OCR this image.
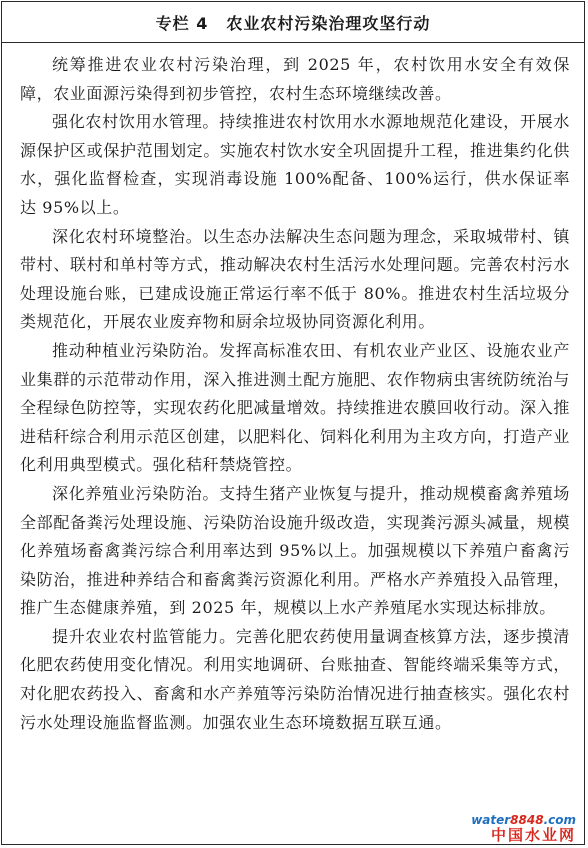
专栏 4 农业农村污染治理攻坚行动

统筹推进农业农村污染治理，到 2025 年，农村饮用水安全有效保障，农业面源污染得到初步管控，农村生态环境继续改善。

强化农村饮用水管理。持续推进农村饮用水水源地规范化建设，开展水源保护区或保护范围划定。实施农村饮水安全巩固提升工程，推进集约化供水，强化监督检查，实现消毒设施 100%配备、100%运行，供水保证率达 95%以上。

深化农村环境整治。以生态办法解决生态问题为理念，采取城带村、镇带村、联村和单村等方式，推动解决农村生活污水处理问题。完善农村污水处理设施台账，已建成设施正常运行率不低于 80%。推进农村生活垃圾分类规范化，开展农业废弃物和厨余垃圾协同资源化利用。

推动种植业污染防治。发挥高标准农田、有机农业产业区、设施农业产业集群的示范带动作用，深入推进测土配方施肥、农作物病虫害统防统治与全程绿色防控等，实现农药化肥减量增效。持续推进农膜回收行动。深入推进秸秆综合利用示范区创建，以肥料化、饲料化利用为主攻方向，打造产业化利用典型模式。强化秸秆禁烧管控。

深化养殖业污染防治。支持生猪产业恢复与提升，推动规模畜禽养殖场全部配备粪污处理设施、污染防治设施升级改造，实现粪污源头减量，规模化养殖场畜禽粪污综合利用率达到 95%以上。加强规模以下养殖户畜禽污染防治，推进种养结合和畜禽粪污资源化利用。严格水产养殖投入品管理，推广生态健康养殖，到 2025 年，规模以上水产养殖尾水实现达标排放。

提升农业农村监管能力。完善化肥农药使用量调查核算方法，逐步摸清化肥农药使用变化情况。利用实地调研、台账抽查、智能终端采集等方式，对化肥农药投入、畜禽和水产养殖等污染防治情况进行抽查核实。强化农村污水处理设施监督监测。加强农业生态环境数据互联互通。

water8848.com
中国水业网
